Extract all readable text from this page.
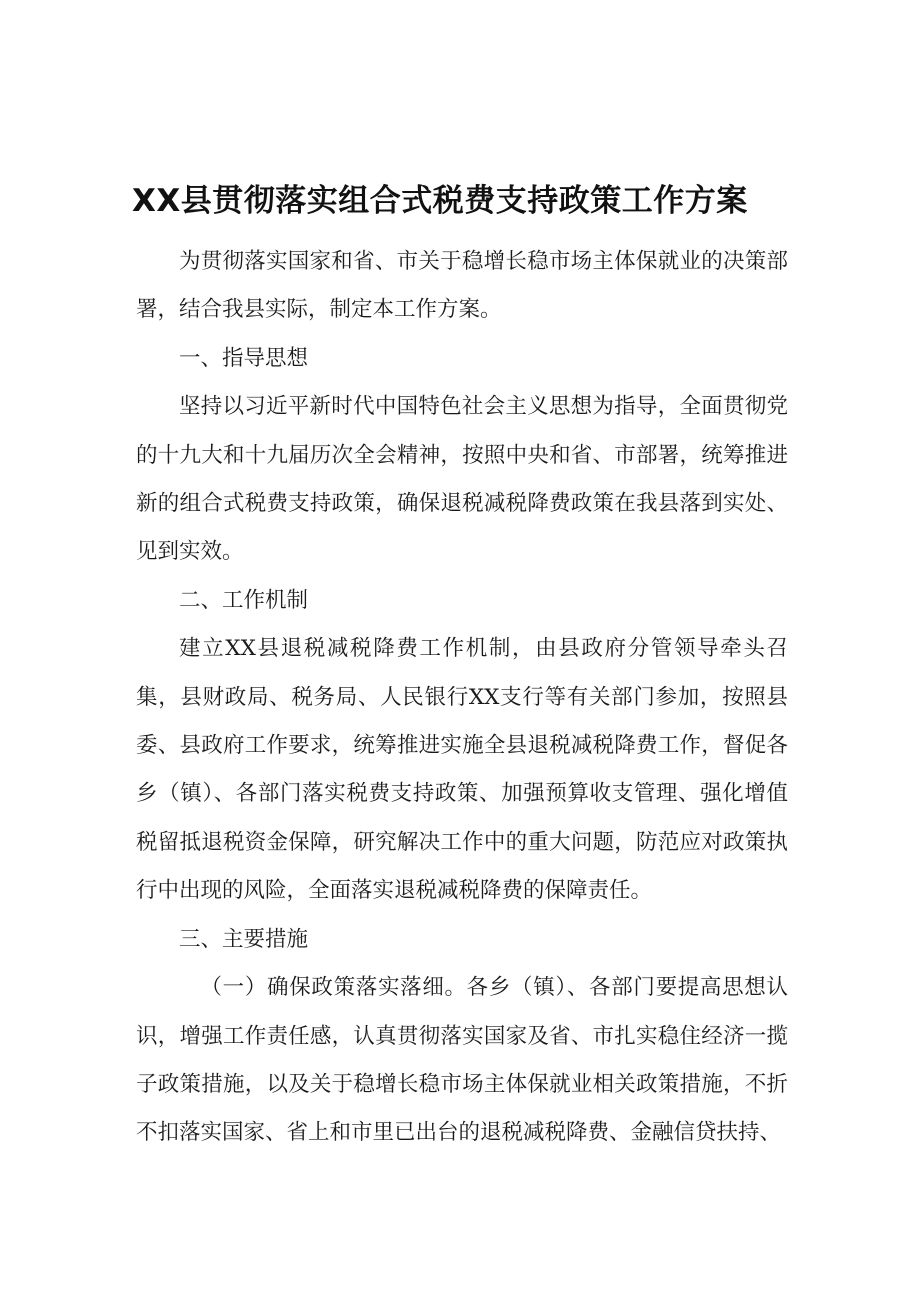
XX县贯彻落实组合式税费支持政策工作方案

为贯彻落实国家和省、市关于稳增长稳市场主体保就业的决策部署，结合我县实际，制定本工作方案。

一、指导思想

坚持以习近平新时代中国特色社会主义思想为指导，全面贯彻党的十九大和十九届历次全会精神，按照中央和省、市部署，统筹推进新的组合式税费支持政策，确保退税减税降费政策在我县落到实处、见到实效。

二、工作机制

建立XX县退税减税降费工作机制，由县政府分管领导牵头召集，县财政局、税务局、人民银行XX支行等有关部门参加，按照县委、县政府工作要求，统筹推进实施全县退税减税降费工作，督促各乡（镇）、各部门落实税费支持政策、加强预算收支管理、强化增值税留抵退税资金保障，研究解决工作中的重大问题，防范应对政策执行中出现的风险，全面落实退税减税降费的保障责任。

三、主要措施

（一）确保政策落实落细。各乡（镇）、各部门要提高思想认识，增强工作责任感，认真贯彻落实国家及省、市扎实稳住经济一揽子政策措施，以及关于稳增长稳市场主体保就业相关政策措施，不折不扣落实国家、省上和市里已出台的退税减税降费、金融信贷扶持、
